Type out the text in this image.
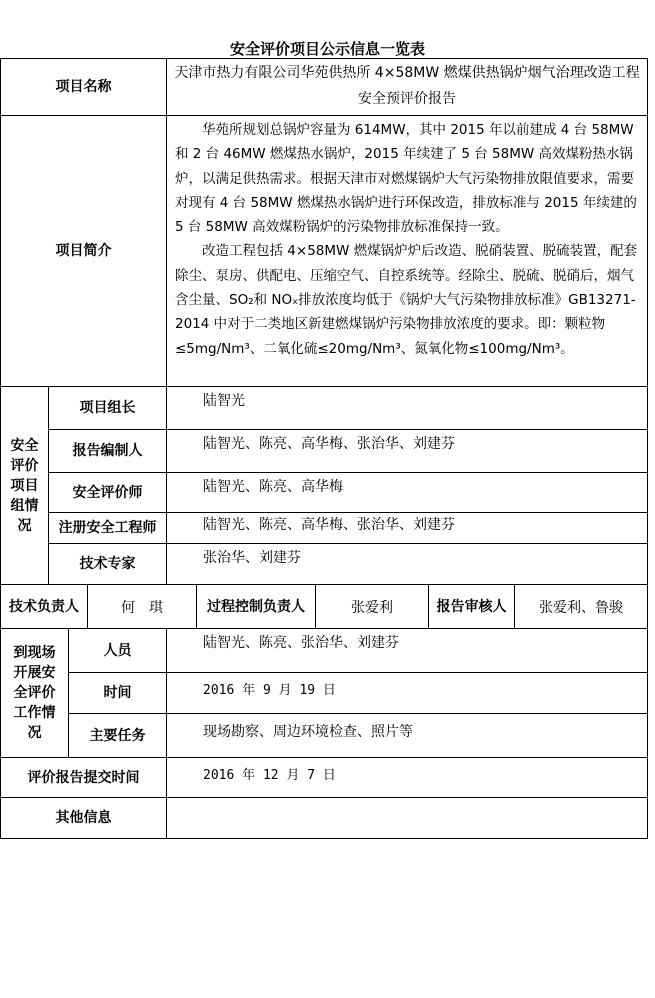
安全评价项目公示信息一览表
项目名称
天津市热力有限公司华苑供热所 4×58MW 燃煤供热锅炉烟气治理改造工程安全预评价报告
项目简介

华苑所规划总锅炉容量为 614MW，其中 2015 年以前建成 4 台 58MW 和 2 台 46MW 燃煤热水锅炉，2015 年续建了 5 台 58MW 高效煤粉热水锅炉，以满足供热需求。根据天津市对燃煤锅炉大气污染物排放限值要求，需要对现有 4 台 58MW 燃煤热水锅炉进行环保改造，排放标准与 2015 年续建的 5 台 58MW 高效煤粉锅炉的污染物排放标准保持一致。

改造工程包括 4×58MW 燃煤锅炉炉后改造、脱硝装置、脱硫装置，配套除尘、泵房、供配电、压缩空气、自控系统等。经除尘、脱硫、脱硝后，烟气含尘量、SO₂和 NOₓ排放浓度均低于《锅炉大气污染物排放标准》GB13271-2014 中对于二类地区新建燃煤锅炉污染物排放浓度的要求。即：颗粒物≤5mg/Nm³、二氧化硫≤20mg/Nm³、氮氧化物≤100mg/Nm³。

安全评价项目组情况
项目组长	陆智光
报告编制人	陆智光、陈亮、高华梅、张治华、刘建芬
安全评价师	陆智光、陈亮、高华梅
注册安全工程师	陆智光、陈亮、高华梅、张治华、刘建芬
技术专家	张治华、刘建芬
技术负责人	何　琪	过程控制负责人	张爱利	报告审核人 张爱利、鲁骏
到现场开展安全评价工作情况
人员	陆智光、陈亮、张治华、刘建芬
时间	2016 年 9 月 19 日
主要任务	现场勘察、周边环境检查、照片等
评价报告提交时间	2016 年 12 月 7 日
其他信息
